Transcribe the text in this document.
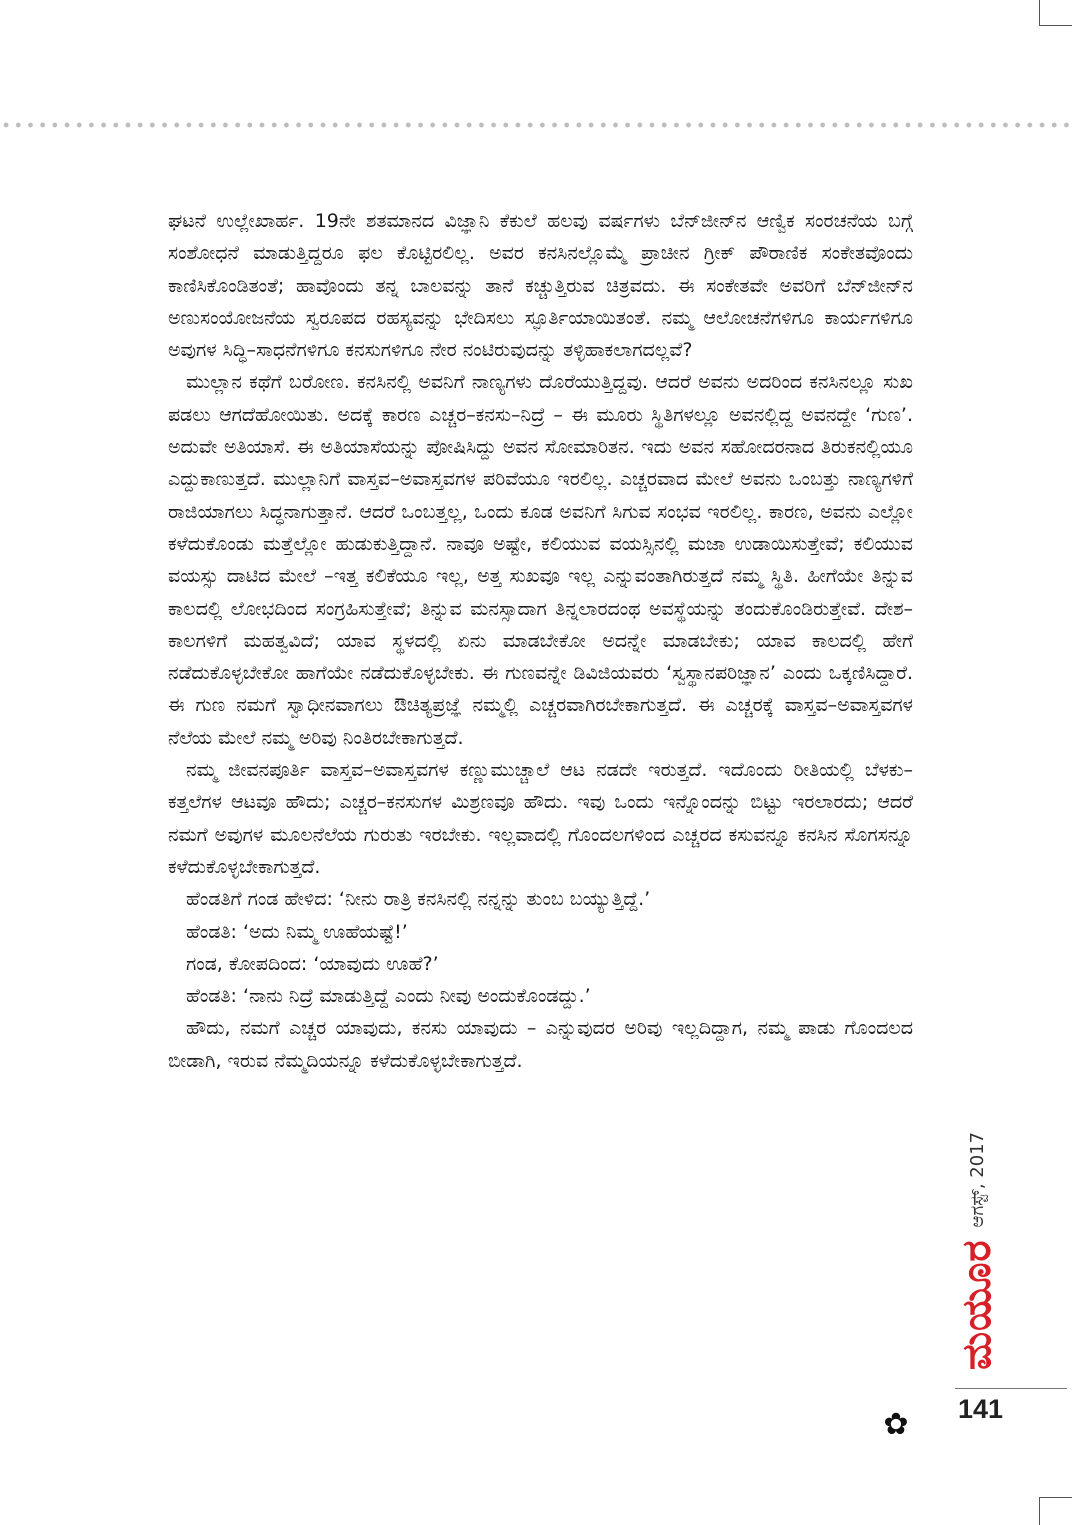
ಘಟನೆ ಉಲ್ಲೇಖಾರ್ಹ. 19ನೇ ಶತಮಾನದ ವಿಜ್ಞಾನಿ ಕೆಕುಲೆ ಹಲವು ವರ್ಷಗಳು ಬೆನ್‌ಜೀನ್‌ನ ಆಣ್ವಿಕ ಸಂರಚನೆಯ ಬಗ್ಗೆ ಸಂಶೋಧನೆ ಮಾಡುತ್ತಿದ್ದರೂ ಫಲ ಕೊಟ್ಟಿರಲಿಲ್ಲ. ಅವರ ಕನಸಿನಲ್ಲೊಮ್ಮೆ ಪ್ರಾಚೀನ ಗ್ರೀಕ್ ಪೌರಾಣಿಕ ಸಂಕೇತವೊಂದು ಕಾಣಿಸಿಕೊಂಡಿತಂತೆ; ಹಾವೊಂದು ತನ್ನ ಬಾಲವನ್ನು ತಾನೆ ಕಚ್ಚುತ್ತಿರುವ ಚಿತ್ರವದು. ಈ ಸಂಕೇತವೇ ಅವರಿಗೆ ಬೆನ್‌ಜೀನ್‌ನ ಅಣುಸಂಯೋಜನೆಯ ಸ್ವರೂಪದ ರಹಸ್ಯವನ್ನು ಭೇದಿಸಲು ಸ್ಫೂರ್ತಿಯಾಯಿತಂತೆ. ನಮ್ಮ ಆಲೋಚನೆಗಳಿಗೂ ಕಾರ್ಯಗಳಿಗೂ ಅವುಗಳ ಸಿದ್ಧಿ–ಸಾಧನೆಗಳಿಗೂ ಕನಸುಗಳಿಗೂ ನೇರ ನಂಟಿರುವುದನ್ನು ತಳ್ಳಿಹಾಕಲಾಗದಲ್ಲವೆ?

ಮುಲ್ಲಾನ ಕಥೆಗೆ ಬರೋಣ. ಕನಸಿನಲ್ಲಿ ಅವನಿಗೆ ನಾಣ್ಯಗಳು ದೊರೆಯುತ್ತಿದ್ದವು. ಆದರೆ ಅವನು ಅದರಿಂದ ಕನಸಿನಲ್ಲೂ ಸುಖ ಪಡಲು ಆಗದೆಹೋಯಿತು. ಅದಕ್ಕೆ ಕಾರಣ ಎಚ್ಚರ–ಕನಸು–ನಿದ್ರೆ – ಈ ಮೂರು ಸ್ಥಿತಿಗಳಲ್ಲೂ ಅವನಲ್ಲಿದ್ದ ಅವನದ್ದೇ ‘ಗುಣ’. ಅದುವೇ ಅತಿಯಾಸೆ. ಈ ಅತಿಯಾಸೆಯನ್ನು ಪೋಷಿಸಿದ್ದು ಅವನ ಸೋಮಾರಿತನ. ಇದು ಅವನ ಸಹೋದರನಾದ ತಿರುಕನಲ್ಲಿಯೂ ಎದ್ದುಕಾಣುತ್ತದೆ. ಮುಲ್ಲಾನಿಗೆ ವಾಸ್ತವ–ಅವಾಸ್ತವಗಳ ಪರಿವೆಯೂ ಇರಲಿಲ್ಲ. ಎಚ್ಚರವಾದ ಮೇಲೆ ಅವನು ಒಂಬತ್ತು ನಾಣ್ಯಗಳಿಗೆ ರಾಜಿಯಾಗಲು ಸಿದ್ಧನಾಗುತ್ತಾನೆ. ಆದರೆ ಒಂಬತ್ತಲ್ಲ, ಒಂದು ಕೂಡ ಅವನಿಗೆ ಸಿಗುವ ಸಂಭವ ಇರಲಿಲ್ಲ. ಕಾರಣ, ಅವನು ಎಲ್ಲೋ ಕಳೆದುಕೊಂಡು ಮತ್ತೆಲ್ಲೋ ಹುಡುಕುತ್ತಿದ್ದಾನೆ. ನಾವೂ ಅಷ್ಟೇ, ಕಲಿಯುವ ವಯಸ್ಸಿನಲ್ಲಿ ಮಜಾ ಉಡಾಯಿಸುತ್ತೇವೆ; ಕಲಿಯುವ ವಯಸ್ಸು ದಾಟಿದ ಮೇಲೆ –ಇತ್ತ ಕಲಿಕೆಯೂ ಇಲ್ಲ, ಅತ್ತ ಸುಖವೂ ಇಲ್ಲ ಎನ್ನುವಂತಾಗಿರುತ್ತದೆ ನಮ್ಮ ಸ್ಥಿತಿ. ಹೀಗೆಯೇ ತಿನ್ನುವ ಕಾಲದಲ್ಲಿ ಲೋಭದಿಂದ ಸಂಗ್ರಹಿಸುತ್ತೇವೆ; ತಿನ್ನುವ ಮನಸ್ಸಾದಾಗ ತಿನ್ನಲಾರದಂಥ ಅವಸ್ಥೆಯನ್ನು ತಂದುಕೊಂಡಿರುತ್ತೇವೆ. ದೇಶ–ಕಾಲಗಳಿಗೆ ಮಹತ್ವವಿದೆ; ಯಾವ ಸ್ಥಳದಲ್ಲಿ ಏನು ಮಾಡಬೇಕೋ ಅದನ್ನೇ ಮಾಡಬೇಕು; ಯಾವ ಕಾಲದಲ್ಲಿ ಹೇಗೆ ನಡೆದುಕೊಳ್ಳಬೇಕೋ ಹಾಗೆಯೇ ನಡೆದುಕೊಳ್ಳಬೇಕು. ಈ ಗುಣವನ್ನೇ ಡಿವಿಜಿಯವರು ‘ಸ್ವಸ್ಥಾನಪರಿಜ್ಞಾನ’ ಎಂದು ಒಕ್ಕಣಿಸಿದ್ದಾರೆ. ಈ ಗುಣ ನಮಗೆ ಸ್ವಾಧೀನವಾಗಲು ಔಚಿತ್ಯಪ್ರಜ್ಞೆ ನಮ್ಮಲ್ಲಿ ಎಚ್ಚರವಾಗಿರಬೇಕಾಗುತ್ತದೆ. ಈ ಎಚ್ಚರಕ್ಕೆ ವಾಸ್ತವ–ಅವಾಸ್ತವಗಳ ನೆಲೆಯ ಮೇಲೆ ನಮ್ಮ ಅರಿವು ನಿಂತಿರಬೇಕಾಗುತ್ತದೆ.

ನಮ್ಮ ಜೀವನಪೂರ್ತಿ ವಾಸ್ತವ–ಅವಾಸ್ತವಗಳ ಕಣ್ಣುಮುಚ್ಚಾಲೆ ಆಟ ನಡದೇ ಇರುತ್ತದೆ. ಇದೊಂದು ರೀತಿಯಲ್ಲಿ ಬೆಳಕು–ಕತ್ತಲೆಗಳ ಆಟವೂ ಹೌದು; ಎಚ್ಚರ–ಕನಸುಗಳ ಮಿಶ್ರಣವೂ ಹೌದು. ಇವು ಒಂದು ಇನ್ನೊಂದನ್ನು ಬಿಟ್ಟು ಇರಲಾರದು; ಆದರೆ ನಮಗೆ ಅವುಗಳ ಮೂಲನೆಲೆಯ ಗುರುತು ಇರಬೇಕು. ಇಲ್ಲವಾದಲ್ಲಿ ಗೊಂದಲಗಳಿಂದ ಎಚ್ಚರದ ಕಸುವನ್ನೂ ಕನಸಿನ ಸೊಗಸನ್ನೂ ಕಳೆದುಕೊಳ್ಳಬೇಕಾಗುತ್ತದೆ.

ಹೆಂಡತಿಗೆ ಗಂಡ ಹೇಳಿದ: ‘ನೀನು ರಾತ್ರಿ ಕನಸಿನಲ್ಲಿ ನನ್ನನ್ನು ತುಂಬ ಬಯ್ಯುತ್ತಿದ್ದೆ.’

ಹೆಂಡತಿ: ‘ಅದು ನಿಮ್ಮ ಊಹೆಯಷ್ಟೆ!’

ಗಂಡ, ಕೋಪದಿಂದ: ‘ಯಾವುದು ಊಹೆ?’

ಹೆಂಡತಿ: ‘ನಾನು ನಿದ್ರೆ ಮಾಡುತ್ತಿದ್ದೆ ಎಂದು ನೀವು ಅಂದುಕೊಂಡದ್ದು.’

ಹೌದು, ನಮಗೆ ಎಚ್ಚರ ಯಾವುದು, ಕನಸು ಯಾವುದು – ಎನ್ನುವುದರ ಅರಿವು ಇಲ್ಲದಿದ್ದಾಗ, ನಮ್ಮ ಪಾಡು ಗೊಂದಲದ ಬೀಡಾಗಿ, ಇರುವ ನೆಮ್ಮದಿಯನ್ನೂ ಕಳೆದುಕೊಳ್ಳಬೇಕಾಗುತ್ತದೆ.

✿
ಮಯೂರ
ಆಗಸ್ಟ್, 2017
141
